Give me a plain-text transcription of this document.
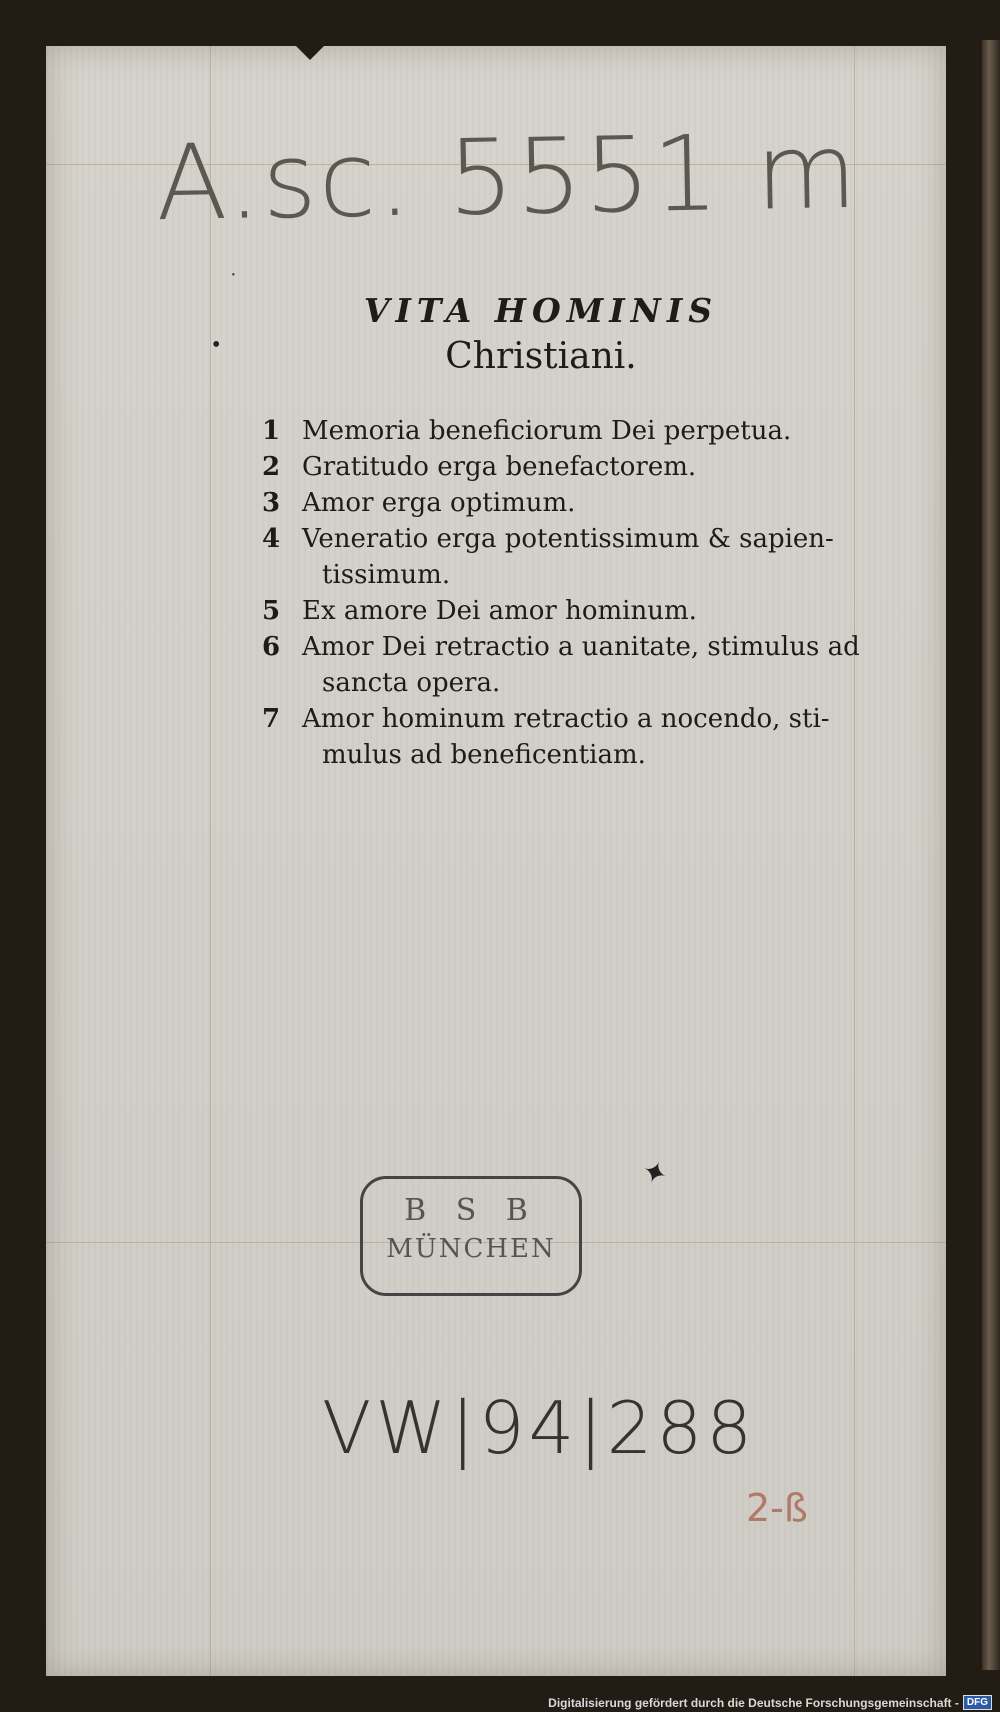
A.sc. 5551 m
·
•
VITA HOMINIS
Christiani.
1 Memoria beneficiorum Dei perpetua.
2 Gratitudo erga benefactorem.
3 Amor erga optimum.
4 Veneratio erga potentissimum & sapien-
tissimum.
5 Ex amore Dei amor hominum.
6 Amor Dei retractio a uanitate, stimulus ad
sancta opera.
7 Amor hominum retractio a nocendo, sti-
mulus ad beneficentiam.
✦
B S B
MÜNCHEN
VW|94|288
2-ß
Digitalisierung gefördert durch die Deutsche Forschungsgemeinschaft - DFG
